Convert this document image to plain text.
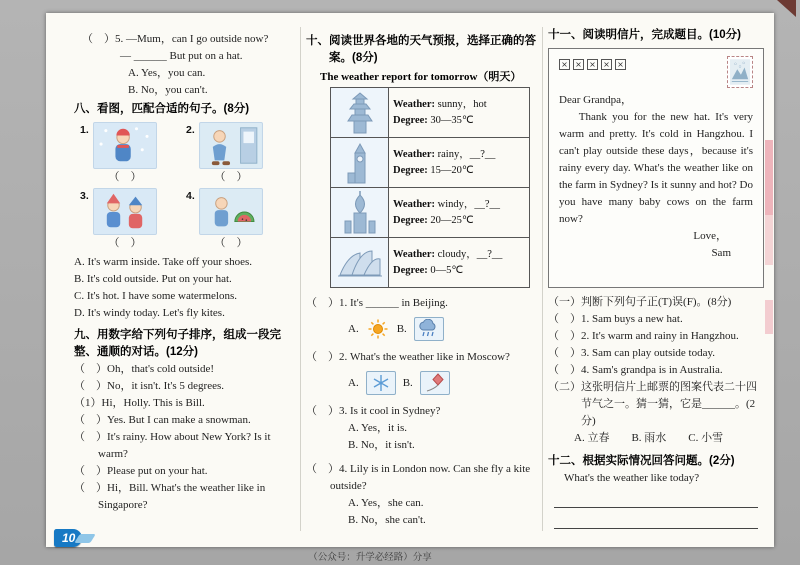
（　）5. —Mum，can I go outside now?
— ______ But put on a hat.
A. Yes，you can.
B. No，you can't.
八、看图，匹配合适的句子。(8分)
1.
（　）
2.
（　）
3.
（　）
4.
（　）
A. It's warm inside. Take off your shoes.
B. It's cold outside. Put on your hat.
C. It's hot. I have some watermelons.
D. It's windy today. Let's fly kites.
九、用数字给下列句子排序，组成一段完整、通顺的对话。(12分)
（　）Oh，that's cold outside!
（　）No，it isn't. It's 5 degrees.
（1）Hi，Holly. This is Bill.
（　）Yes. But I can make a snowman.
（　）It's rainy. How about New York? Is it warm?
（　）Please put on your hat.
（　）Hi，Bill. What's the weather like in Singapore?
十、阅读世界各地的天气预报，选择正确的答案。(8分)
The weather report for tomorrow（明天）

Weather: sunny，hot
Degree: 30—35℃

Weather: rainy，__?__
Degree: 15—20℃

Weather: windy，__?__
Degree: 20—25℃

Weather: cloudy，__?__
Degree: 0—5℃
（　）1. It's ______ in Beijing.
A.	B.
（　）2. What's the weather like in Moscow?
A.	B.
（　）3. Is it cool in Sydney?
A. Yes，it is.
B. No，it isn't.
（　）4. Lily is in London now. Can she fly a kite outside?
A. Yes，she can.
B. No，she can't.
十一、阅读明信片，完成题目。(10分)
× × × × ×
Dear Grandpa，
Thank you for the new hat. It's very warm and pretty. It's cold in Hangzhou. I can't play outside these days，because it's rainy every day. What's the weather like on the farm in Sydney? Is it sunny and hot? Do you have many baby cows on the farm now?
Love，
Sam
（一）判断下列句子正(T)误(F)。(8分)
（　）1. Sam buys a new hat.
（　）2. It's warm and rainy in Hangzhou.
（　）3. Sam can play outside today.
（　）4. Sam's grandpa is in Australia.
（二）这张明信片上邮票的图案代表二十四节气之一。猜一猜，它是______。(2分)
A. 立春　　B. 雨水　　C. 小雪
十二、根据实际情况回答问题。(2分)
What's the weather like today?
10
（公众号：升学必经路）分享
